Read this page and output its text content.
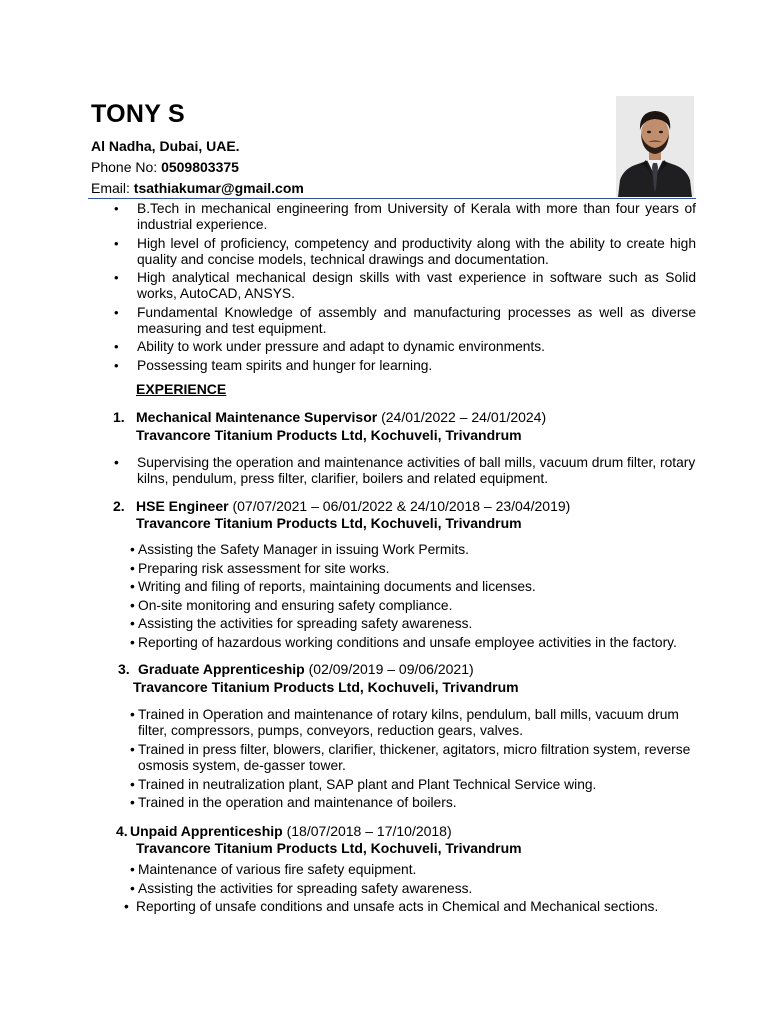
TONY S
Al Nadha, Dubai, UAE.
Phone No: 0509803375
Email: tsathiakumar@gmail.com
• B.Tech in mechanical engineering from University of Kerala with more than four years of industrial experience.
• High level of proficiency, competency and productivity along with the ability to create high quality and concise models, technical drawings and documentation.
• High analytical mechanical design skills with vast experience in software such as Solid works, AutoCAD, ANSYS.
• Fundamental Knowledge of assembly and manufacturing processes as well as diverse measuring and test equipment.
• Ability to work under pressure and adapt to dynamic environments.
• Possessing team spirits and hunger for learning.
EXPERIENCE
1. Mechanical Maintenance Supervisor (24/01/2022 – 24/01/2024)
Travancore Titanium Products Ltd, Kochuveli, Trivandrum
• Supervising the operation and maintenance activities of ball mills, vacuum drum filter, rotary kilns, pendulum, press filter, clarifier, boilers and related equipment.
2. HSE Engineer (07/07/2021 – 06/01/2022 & 24/10/2018 – 23/04/2019)
Travancore Titanium Products Ltd, Kochuveli, Trivandrum
• Assisting the Safety Manager in issuing Work Permits.
• Preparing risk assessment for site works.
• Writing and filing of reports, maintaining documents and licenses.
• On-site monitoring and ensuring safety compliance.
• Assisting the activities for spreading safety awareness.
• Reporting of hazardous working conditions and unsafe employee activities in the factory.
3. Graduate Apprenticeship (02/09/2019 – 09/06/2021)
Travancore Titanium Products Ltd, Kochuveli, Trivandrum
• Trained in Operation and maintenance of rotary kilns, pendulum, ball mills, vacuum drum filter, compressors, pumps, conveyors, reduction gears, valves.
• Trained in press filter, blowers, clarifier, thickener, agitators, micro filtration system, reverse osmosis system, de-gasser tower.
• Trained in neutralization plant, SAP plant and Plant Technical Service wing.
• Trained in the operation and maintenance of boilers.
4. Unpaid Apprenticeship (18/07/2018 – 17/10/2018)
Travancore Titanium Products Ltd, Kochuveli, Trivandrum
• Maintenance of various fire safety equipment.
• Assisting the activities for spreading safety awareness.
• Reporting of unsafe conditions and unsafe acts in Chemical and Mechanical sections.
